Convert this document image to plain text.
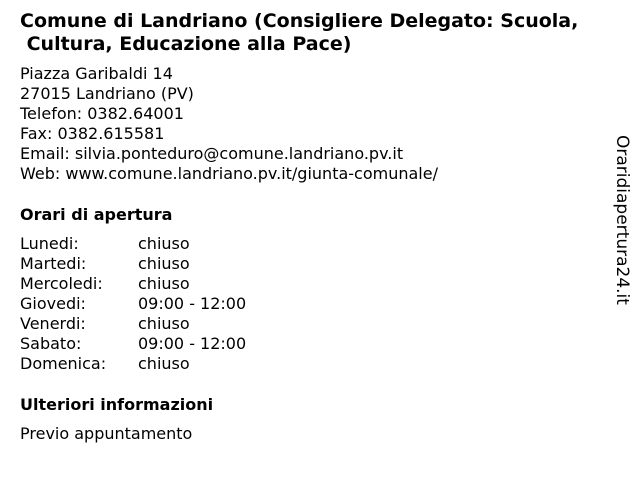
Comune di Landriano (Consigliere Delegato: Scuola,
Cultura, Educazione alla Pace)
Piazza Garibaldi 14
27015 Landriano (PV)
Telefon: 0382.64001
Fax: 0382.615581
Email: silvia.ponteduro@comune.landriano.pv.it
Web: www.comune.landriano.pv.it/giunta-comunale/
Orari di apertura
Lunedi:	chiuso
Martedi:	chiuso
Mercoledi:	chiuso
Giovedi:	09:00 - 12:00
Venerdi:	chiuso
Sabato:	09:00 - 12:00
Domenica:	chiuso
Ulteriori informazioni
Previo appuntamento
Oraridiapertura24.it
